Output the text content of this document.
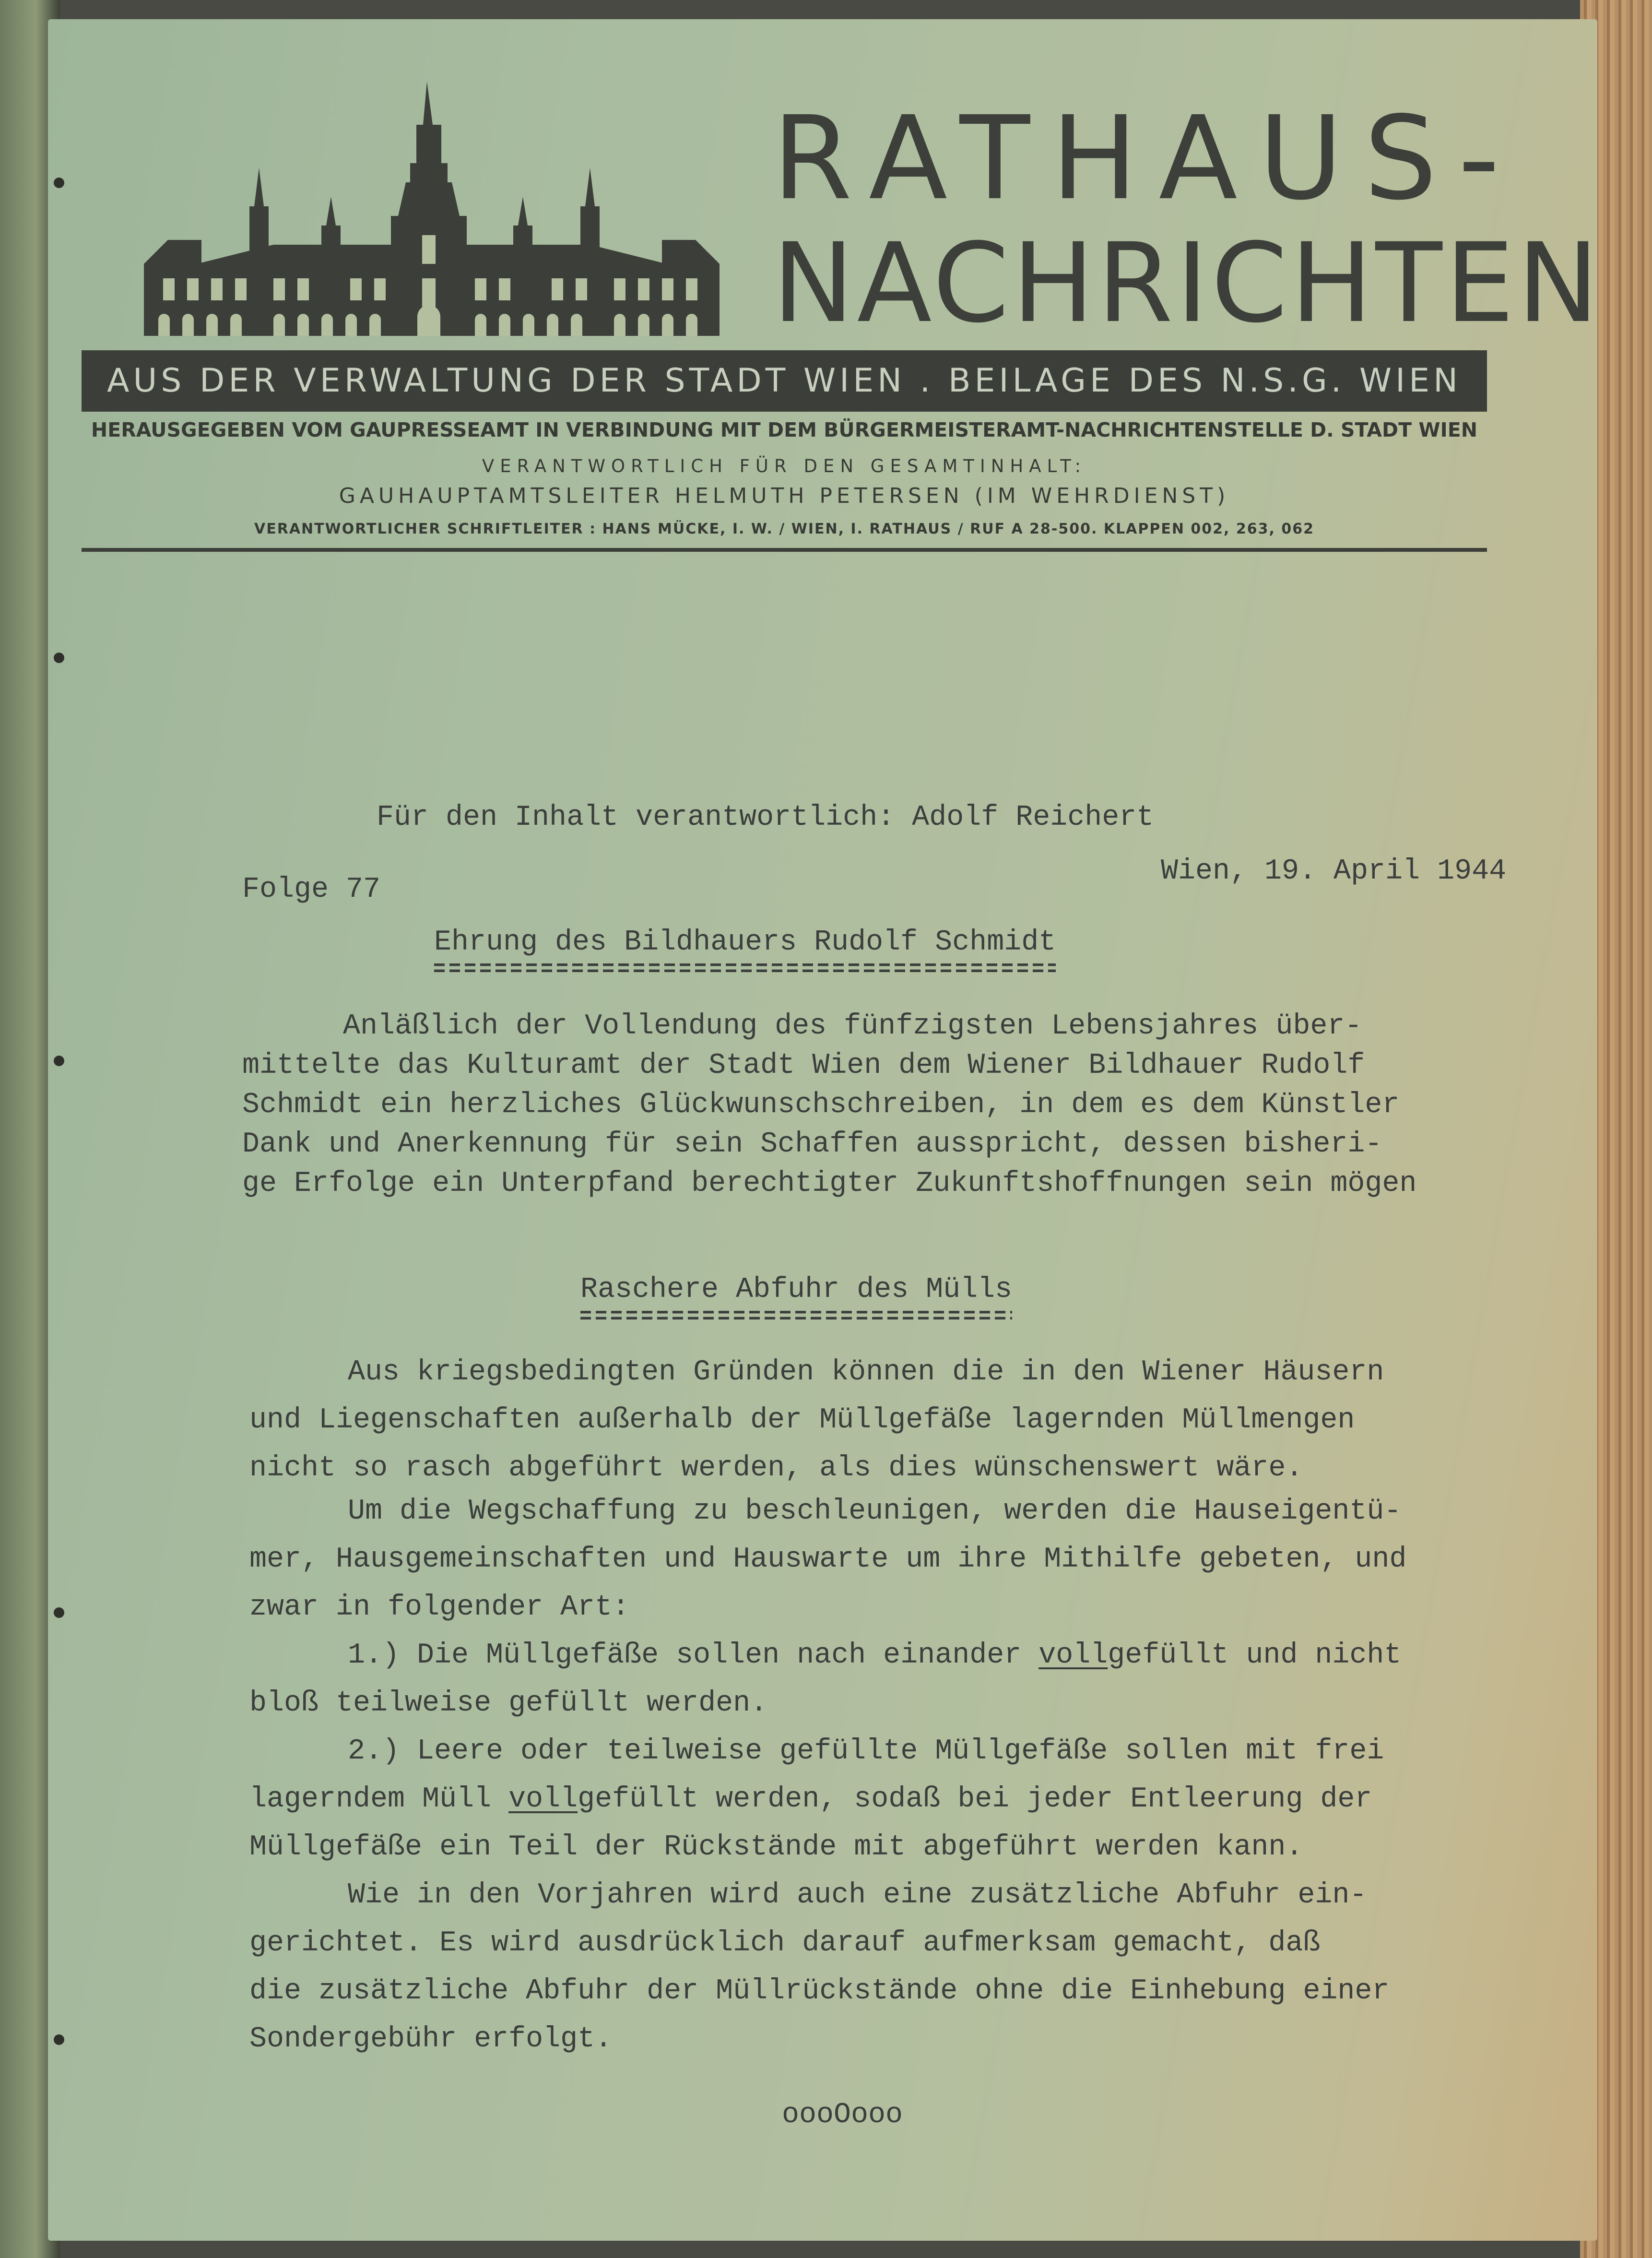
RATHAUS-
NACHRICHTEN
AUS DER VERWALTUNG DER STADT WIEN . BEILAGE DES N.S.G. WIEN
HERAUSGEGEBEN VOM GAUPRESSEAMT IN VERBINDUNG MIT DEM BÜRGERMEISTERAMT-NACHRICHTENSTELLE D. STADT WIEN
VERANTWORTLICH FÜR DEN GESAMTINHALT:
GAUHAUPTAMTSLEITER HELMUTH PETERSEN (IM WEHRDIENST)
VERANTWORTLICHER SCHRIFTLEITER : HANS MÜCKE, I. W. / WIEN, I. RATHAUS / RUF A 28-500. KLAPPEN 002, 263, 062
Für den Inhalt verantwortlich: Adolf Reichert
Folge 77
Wien, 19. April 1944
Ehrung des Bildhauers Rudolf Schmidt
Anläßlich der Vollendung des fünfzigsten Lebensjahres über-
mittelte das Kulturamt der Stadt Wien dem Wiener Bildhauer Rudolf
Schmidt ein herzliches Glückwunschschreiben, in dem es dem Künstler
Dank und Anerkennung für sein Schaffen ausspricht, dessen bisheri-
ge Erfolge ein Unterpfand berechtigter Zukunftshoffnungen sein mögen
Raschere Abfuhr des Mülls
Aus kriegsbedingten Gründen können die in den Wiener Häusern
und Liegenschaften außerhalb der Müllgefäße lagernden Müllmengen
nicht so rasch abgeführt werden, als dies wünschenswert wäre.
Um die Wegschaffung zu beschleunigen, werden die Hauseigentü-
mer, Hausgemeinschaften und Hauswarte um ihre Mithilfe gebeten, und
zwar in folgender Art:
1.) Die Müllgefäße sollen nach einander vollgefüllt und nicht
bloß teilweise gefüllt werden.
2.) Leere oder teilweise gefüllte Müllgefäße sollen mit frei
lagerndem Müll vollgefüllt werden, sodaß bei jeder Entleerung der
Müllgefäße ein Teil der Rückstände mit abgeführt werden kann.
Wie in den Vorjahren wird auch eine zusätzliche Abfuhr ein-
gerichtet. Es wird ausdrücklich darauf aufmerksam gemacht, daß
die zusätzliche Abfuhr der Müllrückstände ohne die Einhebung einer
Sondergebühr erfolgt.
oooOooo
